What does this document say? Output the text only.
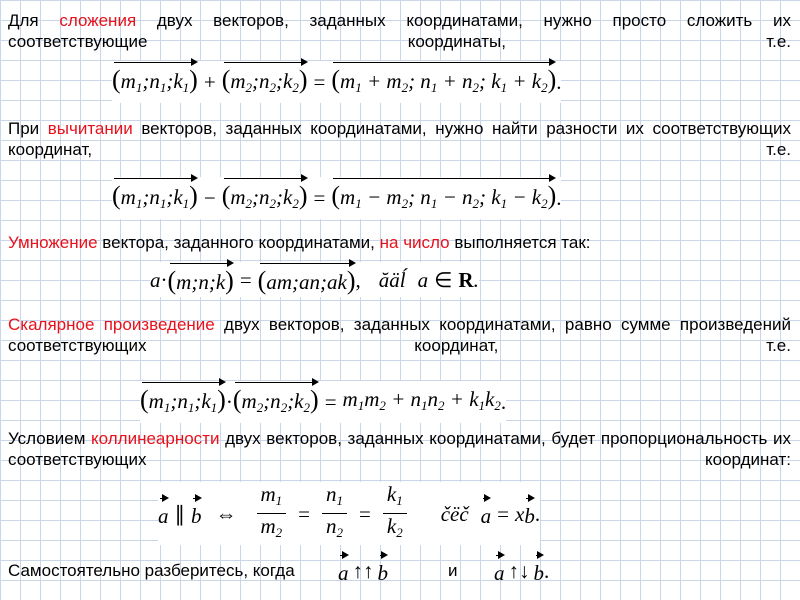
Для сложения двух векторов, заданных координатами, нужно просто сложить их соответствующие координаты, т.е.
$(m_1;n_1;k_1)$ + $(m_2;n_2;k_2) = (m_1 + m_2$; $n_1 + n_2$; $k_1 + k_2$) .
При вычитании векторов, заданных координатами, нужно найти разности их соответствующих координат, т.е.
$(m_1;n_1;k_1)$ − $(m_2;n_2;k_2) = (m_1 - m_2$; $n_1 - n_2$; $k_1 - k_2$) .
Умножение вектора, заданного координатами, на число выполняется так:
a · (m;n;k) = (am;an;ak) , ăäĺ a ∈ R .
Скалярное произведение двух векторов, заданных координатами, равно сумме произведений соответствующих координат, т.е.
$(m_1;n_1;k_1)$ · $(m_2;n_2;k_2) = m_1m_2 + n_1n_2 + k_1k_2$ .
Условием коллинеарности двух векторов, заданных координатами, будет пропорциональность их соответствующих координат:
a ∥ b ⇔ $\frac{m_1}{m_2} = \frac{n_1}{n_2} = \frac{k_1}{k_2}$ čëč a = x b .
Самостоятельно разберитесь, когда a ↑↑ b	и a ↑↓ b .
